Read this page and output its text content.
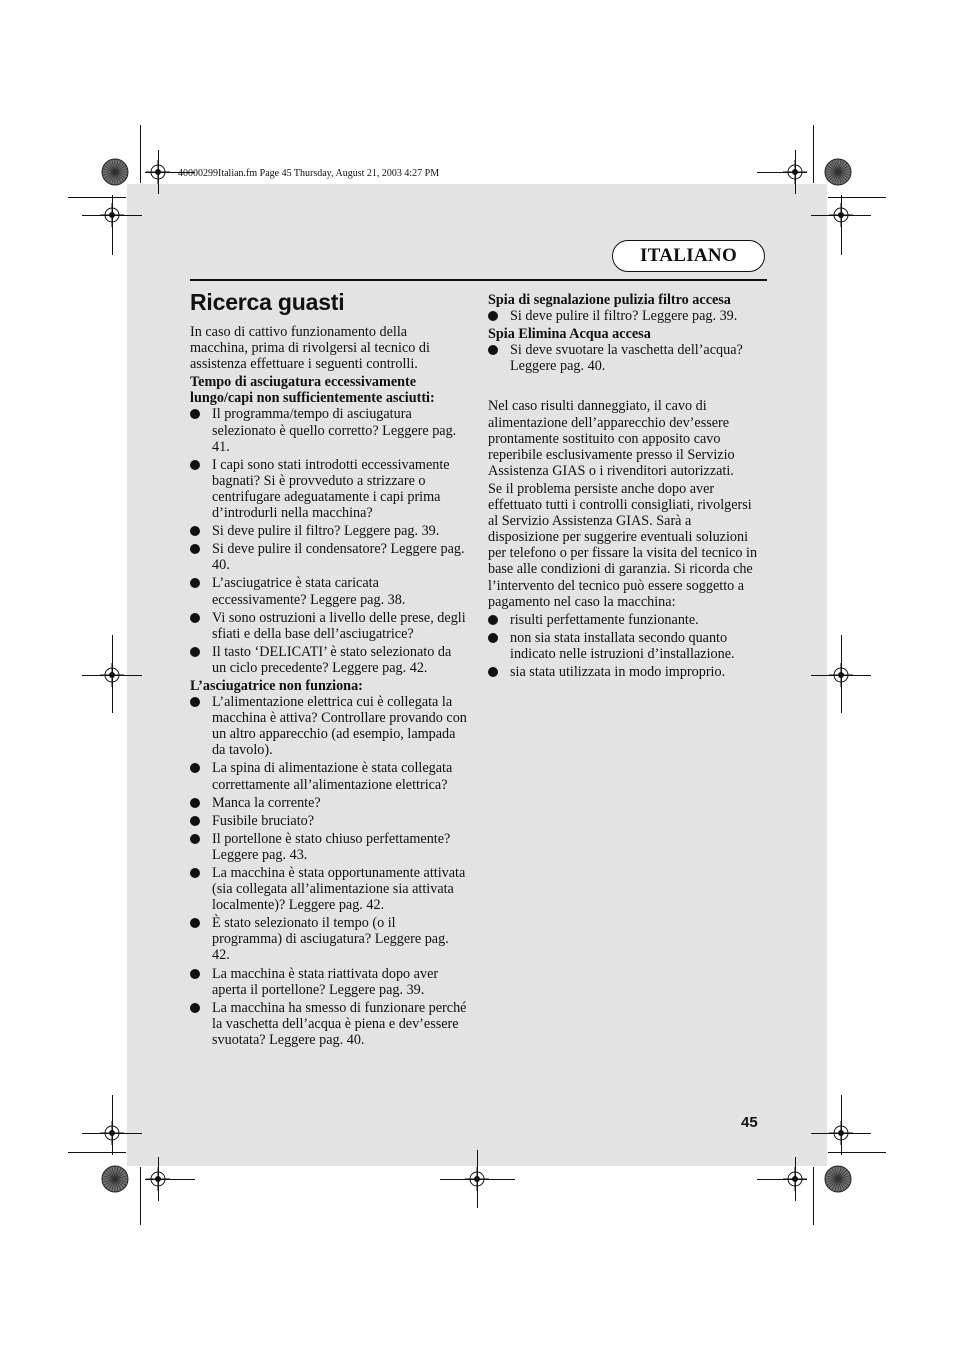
40000299Italian.fm Page 45 Thursday, August 21, 2003 4:27 PM
ITALIANO
Ricerca guasti

In caso di cattivo funzionamento della macchina, prima di rivolgersi al tecnico di assistenza effettuare i seguenti controlli.

Tempo di asciugatura eccessivamente lungo/capi non sufficientemente asciutti:

Il programma/tempo di asciugatura selezionato è quello corretto? Leggere pag. 41.
I capi sono stati introdotti eccessivamente bagnati? Si è provveduto a strizzare o centrifugare adeguatamente i capi prima d’introdurli nella macchina?
Si deve pulire il filtro? Leggere pag. 39.
Si deve pulire il condensatore? Leggere pag. 40.
L’asciugatrice è stata caricata eccessivamente? Leggere pag. 38.
Vi sono ostruzioni a livello delle prese, degli sfiati e della base dell’asciugatrice?
Il tasto ‘DELICATI’ è stato selezionato da un ciclo precedente? Leggere pag. 42.

L’asciugatrice non funziona:

L’alimentazione elettrica cui è collegata la macchina è attiva? Controllare provando con un altro apparecchio (ad esempio, lampada da tavolo).
La spina di alimentazione è stata collegata correttamente all’alimentazione elettrica?
Manca la corrente?
Fusibile bruciato?
Il portellone è stato chiuso perfettamente? Leggere pag. 43.
La macchina è stata opportunamente attivata (sia collegata all’alimentazione sia attivata localmente)? Leggere pag. 42.
È stato selezionato il tempo (o il programma) di asciugatura? Leggere pag. 42.
La macchina è stata riattivata dopo aver aperta il portellone? Leggere pag. 39.
La macchina ha smesso di funzionare perché la vaschetta dell’acqua è piena e dev’essere svuotata? Leggere pag. 40.

Spia di segnalazione pulizia filtro accesa

Si deve pulire il filtro? Leggere pag. 39.

Spia Elimina Acqua accesa

Si deve svuotare la vaschetta dell’acqua? Leggere pag. 40.

Nel caso risulti danneggiato, il cavo di alimentazione dell’apparecchio dev’essere prontamente sostituito con apposito cavo reperibile esclusivamente presso il Servizio Assistenza GIAS o i rivenditori autorizzati.

Se il problema persiste anche dopo aver effettuato tutti i controlli consigliati, rivolgersi al Servizio Assistenza GIAS. Sarà a disposizione per suggerire eventuali soluzioni per telefono o per fissare la visita del tecnico in base alle condizioni di garanzia. Si ricorda che l’intervento del tecnico può essere soggetto a pagamento nel caso la macchina:

risulti perfettamente funzionante.
non sia stata installata secondo quanto indicato nelle istruzioni d’installazione.
sia stata utilizzata in modo improprio.
45
